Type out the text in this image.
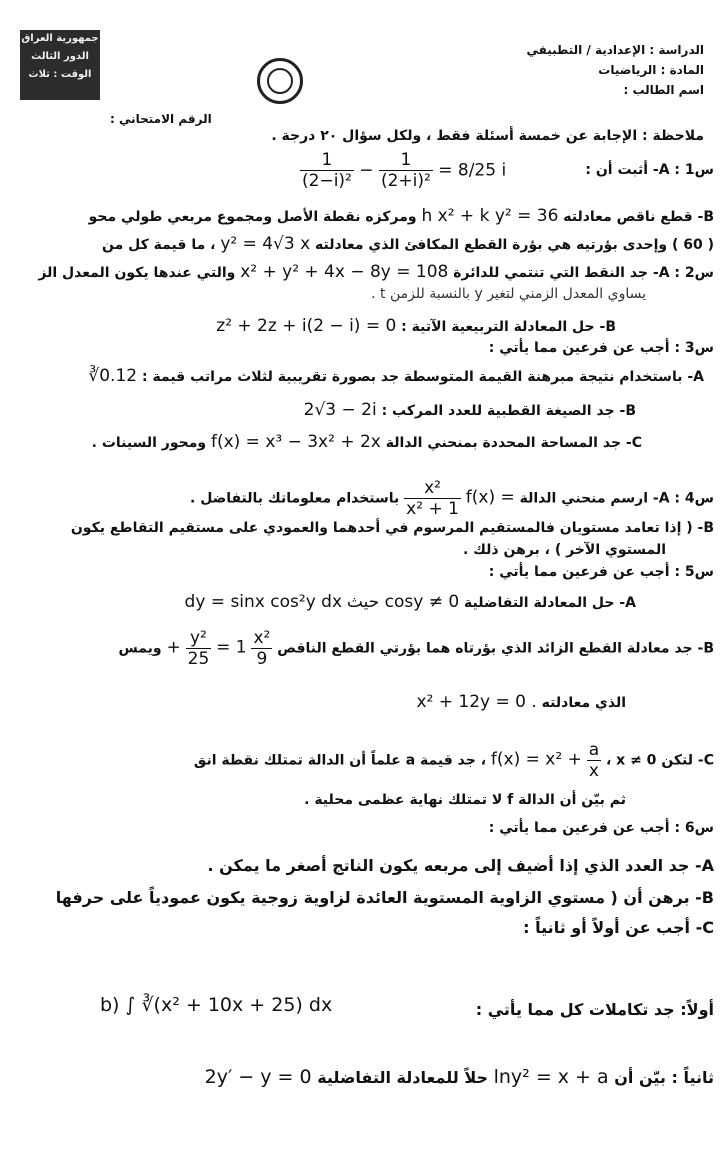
جمهورية العراق
الدور الثالث
الوقت : ثلاث
الدراسة : الإعدادية / التطبيقي
المادة : الرياضيات
اسم الطالب :
الرقم الامتحاني :
ملاحظة : الإجابة عن خمسة أسئلة فقط ، ولكل سؤال ٢٠ درجة .
س1 : A- أثبت أن :
$\frac{1}{\text{(2−i)²}} - \frac{1}{\text{(2+i)²}} = 8/25$ i
B- قطع ناقص معادلته h x² + k y² = 36 ومركزه نقطة الأصل ومجموع مربعي طولي محو
( 60 ) وإحدى بؤرتيه هي بؤرة القطع المكافئ الذي معادلته y² = 4√3 x ، ما قيمة كل من
س2 : A- جد النقط التي تنتمي للدائرة x² + y² + 4x − 8y = 108 والتي عندها يكون المعدل الز
يساوي المعدل الزمني لتغير y بالنسبة للزمن t .
B- حل المعادلة التربيعية الآتية : z² + 2z + i(2 − i) = 0
س3 : أجب عن فرعين مما يأتي :
A- باستخدام نتيجة مبرهنة القيمة المتوسطة جد بصورة تقريبية لثلاث مراتب قيمة : ∛0.12
B- جد الصيغة القطبية للعدد المركب : 2√3 − 2i
C- جد المساحة المحددة بمنحني الدالة f(x) = x³ − 3x² + 2x ومحور السينات .
س4 : A- ارسم منحني الدالة f(x) =
$\frac{\text{x²}}{\text{x² + 1}}$
باستخدام معلوماتك بالتفاضل .
B- ( إذا تعامد مستويان فالمستقيم المرسوم في أحدهما والعمودي على مستقيم التقاطع يكون
المستوي الآخر ) ، برهن ذلك .
س5 : أجب عن فرعين مما يأتي :
A- حل المعادلة التفاضلية dy = sinx cos²y dx حيث cosy ≠ 0
B- جد معادلة القطع الزائد الذي بؤرتاه هما بؤرتي القطع الناقص
$\frac{\text{x²}}{9}$
+ $\frac{\text{y²}}{25} = 1$ ويمس
الذي معادلته x² + 12y = 0 .
C- لتكن $f(x) = x^2 + \frac{a}{x}$
، x ≠ 0 ، جد قيمة a علماً أن الدالة تمتلك نقطة انق
ثم بيّن أن الدالة f لا تمتلك نهاية عظمى محلية .
س6 : أجب عن فرعين مما يأتي :
A- جد العدد الذي إذا أضيف إلى مربعه يكون الناتج أصغر ما يمكن .
B- برهن أن ( مستوي الزاوية المستوية العائدة لزاوية زوجية يكون عمودياً على حرفها
C- أجب عن أولاً أو ثانياً :
أولاً: جد تكاملات كل مما يأتي :
b) ∫ ∛(x² + 10x + 25) dx
ثانياً : بيّن أن lny² = x + a حلاً للمعادلة التفاضلية 2y′ − y = 0
